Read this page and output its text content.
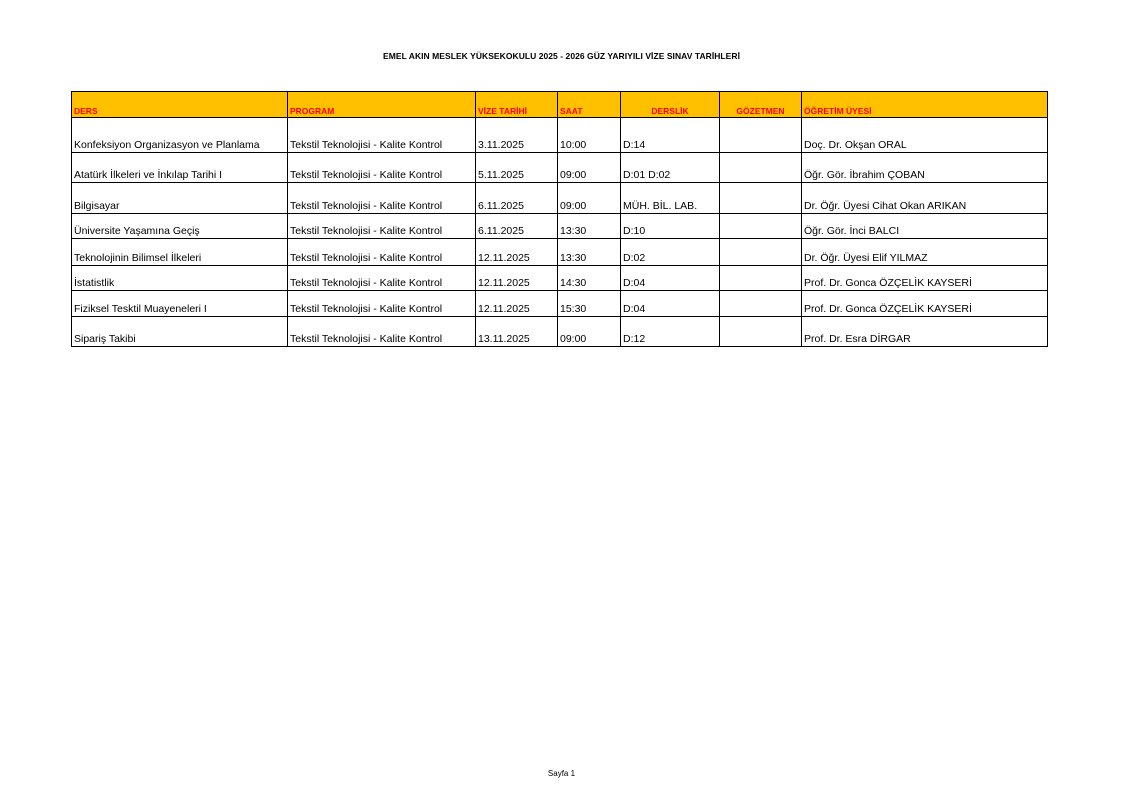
EMEL AKIN MESLEK YÜKSEKOKULU 2025 - 2026 GÜZ YARIYILI VİZE SINAV TARİHLERİ
DERS	PROGRAM	VİZE TARİHİ	SAAT	DERSLİK	GÖZETMEN	ÖĞRETİM ÜYESİ
Konfeksiyon Organizasyon ve Planlama	Tekstil Teknolojisi - Kalite Kontrol	3.11.2025	10:00	D:14		Doç. Dr. Okşan ORAL
Atatürk İlkeleri ve İnkılap Tarihi I	Tekstil Teknolojisi - Kalite Kontrol	5.11.2025	09:00	D:01 D:02		Öğr. Gör. İbrahim ÇOBAN
Bilgisayar	Tekstil Teknolojisi - Kalite Kontrol	6.11.2025	09:00	MÜH. BİL. LAB.		Dr. Öğr. Üyesi Cihat Okan ARIKAN
Üniversite Yaşamına Geçiş	Tekstil Teknolojisi - Kalite Kontrol	6.11.2025	13:30	D:10		Öğr. Gör. İnci BALCI
Teknolojinin Bilimsel İlkeleri	Tekstil Teknolojisi - Kalite Kontrol	12.11.2025	13:30	D:02		Dr. Öğr. Üyesi Elif YILMAZ
İstatistlik	Tekstil Teknolojisi - Kalite Kontrol	12.11.2025	14:30	D:04		Prof. Dr. Gonca ÖZÇELİK KAYSERİ
Fiziksel Tesktil Muayeneleri I	Tekstil Teknolojisi - Kalite Kontrol	12.11.2025	15:30	D:04		Prof. Dr. Gonca ÖZÇELİK KAYSERİ
Sipariş Takibi	Tekstil Teknolojisi - Kalite Kontrol	13.11.2025	09:00	D:12		Prof. Dr. Esra DİRGAR
Sayfa 1
